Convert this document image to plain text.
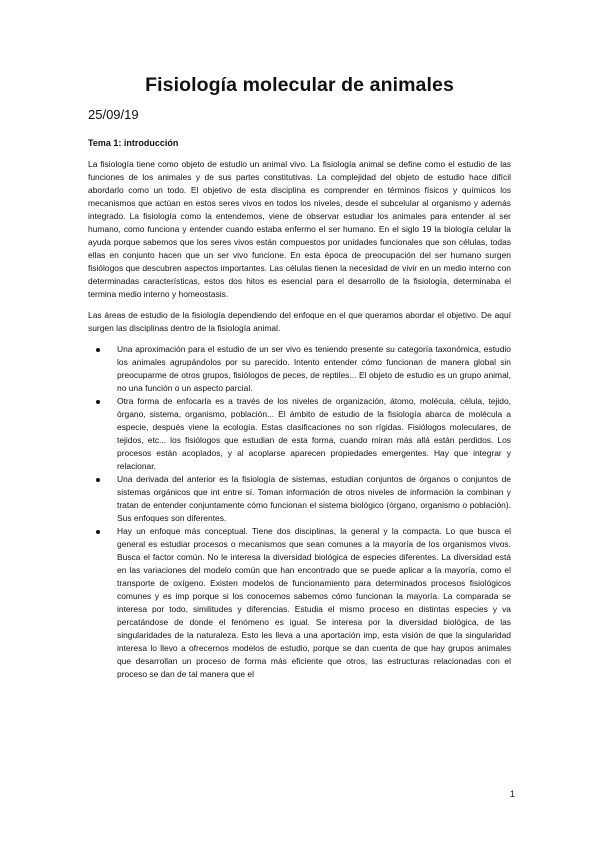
Fisiología molecular de animales
25/09/19
Tema 1: introducción

La fisiología tiene como objeto de estudio un animal vivo. La fisiología animal se define como el estudio de las funciones de los animales y de sus partes constitutivas. La complejidad del objeto de estudio hace difícil abordarlo como un todo. El objetivo de esta disciplina es comprender en términos físicos y químicos los mecanismos que actúan en estos seres vivos en todos los niveles, desde el subcelular al organismo y además integrado. La fisiología como la entendemos, viene de observar estudiar los animales para entender al ser humano, como funciona y entender cuando estaba enfermo el ser humano. En el siglo 19 la biología celular la ayuda porque sabemos que los seres vivos están compuestos por unidades funcionales que son células, todas ellas en conjunto hacen que un ser vivo funcione. En esta época de preocupación del ser humano surgen fisiólogos que descubren aspectos importantes. Las células tienen la necesidad de vivir en un medio interno con determinadas características, estos dos hitos es esencial para el desarrollo de la fisiología, determinaba el termina medio interno y homeostasis.

Las áreas de estudio de la fisiología dependiendo del enfoque en el que queramos abordar el objetivo. De aquí surgen las disciplinas dentro de la fisiología animal.

Una aproximación para el estudio de un ser vivo es teniendo presente su categoría taxonómica, estudio los animales agrupándolos por su parecido. Intento entender cómo funcionan de manera global sin preocuparme de otros grupos, fisiólogos de peces, de reptiles... El objeto de estudio es un grupo animal, no una función o un aspecto parcial.
Otra forma de enfocarla es a través de los niveles de organización, átomo, molécula, célula, tejido, órgano, sistema, organismo, población... El ámbito de estudio de la fisiología abarca de molécula a especie, después viene la ecología. Estas clasificaciones no son rígidas. Fisiólogos moleculares, de tejidos, etc... los fisiólogos que estudian de esta forma, cuando miran más allá están perdidos. Los procesos están acoplados, y al acoplarse aparecen propiedades emergentes. Hay que integrar y relacionar.
Una derivada del anterior es la fisiología de sistemas, estudian conjuntos de órganos o conjuntos de sistemas orgánicos que int entre sí. Toman información de otros niveles de información la combinan y tratan de entender conjuntamente cómo funcionan el sistema biológico (órgano, organismo o población). Sus enfoques son diferentes.
Hay un enfoque más conceptual. Tiene dos disciplinas, la general y la compacta. Lo que busca el general es estudiar procesos o mecanismos que sean comunes a la mayoría de los organismos vivos. Busca el factor común. No le interesa la diversidad biológica de especies diferentes. La diversidad está en las variaciones del modelo común que han encontrado que se puede aplicar a la mayoría, como el transporte de oxígeno. Existen modelos de funcionamiento para determinados procesos fisiológicos comunes y es imp porque si los conocemos sabemos cómo funcionan la mayoría. La comparada se interesa por todo, similitudes y diferencias. Estudia el mismo proceso en distintas especies y va percatándose de donde el fenómeno es igual. Se interesa por la diversidad biológica, de las singularidades de la naturaleza. Esto les lleva a una aportación imp, esta visión de que la singularidad interesa lo llevo a ofrecernos modelos de estudio, porque se dan cuenta de que hay grupos animales que desarrollan un proceso de forma más eficiente que otros, las estructuras relacionadas con el proceso se dan de tal manera que el
1
